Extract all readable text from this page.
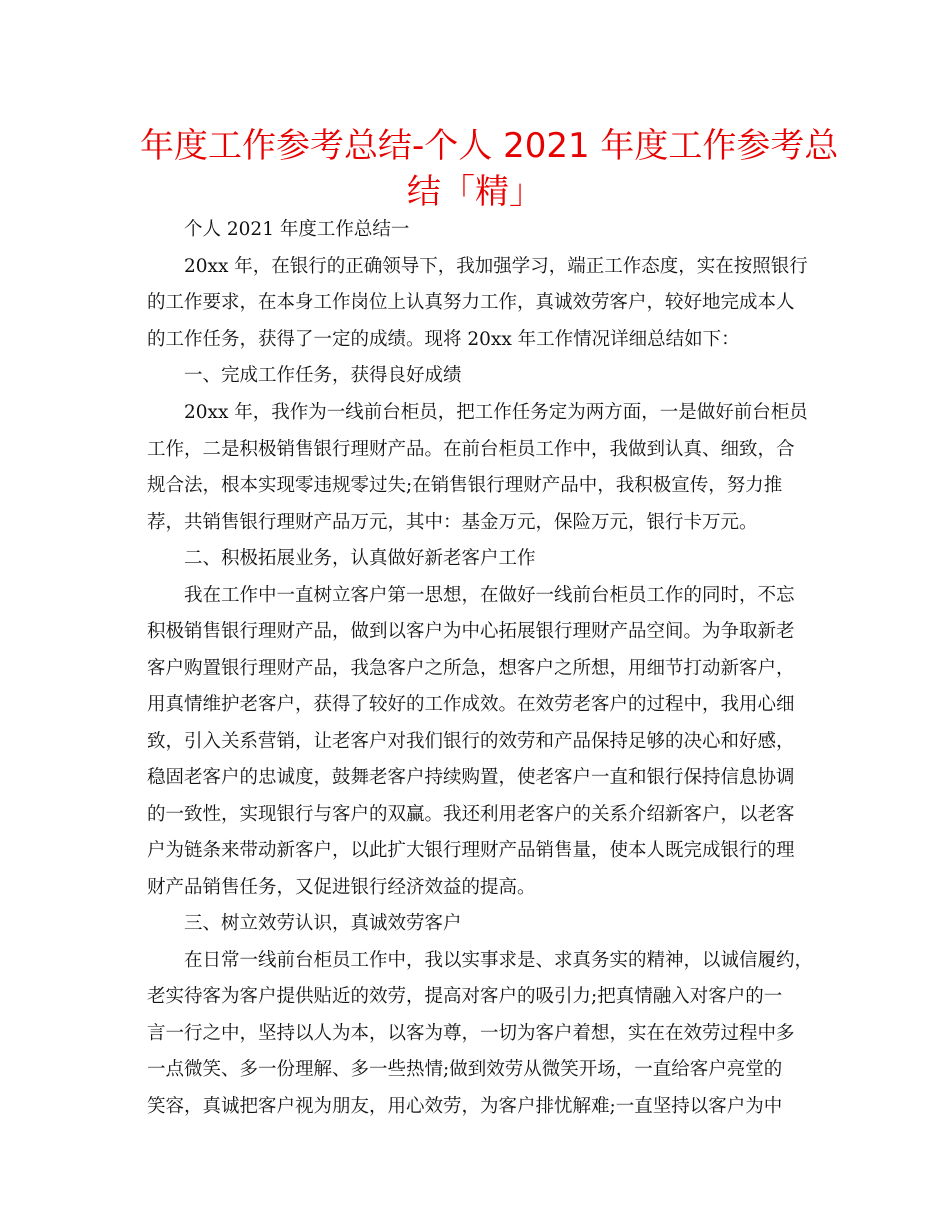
年度工作参考总结-个人 2021 年度工作参考总
结「精」
个人 2021 年度工作总结一
20xx 年，在银行的正确领导下，我加强学习，端正工作态度，实在按照银行
的工作要求，在本身工作岗位上认真努力工作，真诚效劳客户，较好地完成本人
的工作任务，获得了一定的成绩。现将 20xx 年工作情况详细总结如下：
一、完成工作任务，获得良好成绩
20xx 年，我作为一线前台柜员，把工作任务定为两方面，一是做好前台柜员
工作，二是积极销售银行理财产品。在前台柜员工作中，我做到认真、细致，合
规合法，根本实现零违规零过失;在销售银行理财产品中，我积极宣传，努力推
荐，共销售银行理财产品万元，其中：基金万元，保险万元，银行卡万元。
二、积极拓展业务，认真做好新老客户工作
我在工作中一直树立客户第一思想，在做好一线前台柜员工作的同时，不忘
积极销售银行理财产品，做到以客户为中心拓展银行理财产品空间。为争取新老
客户购置银行理财产品，我急客户之所急，想客户之所想，用细节打动新客户，
用真情维护老客户，获得了较好的工作成效。在效劳老客户的过程中，我用心细
致，引入关系营销，让老客户对我们银行的效劳和产品保持足够的决心和好感，
稳固老客户的忠诚度，鼓舞老客户持续购置，使老客户一直和银行保持信息协调
的一致性，实现银行与客户的双赢。我还利用老客户的关系介绍新客户，以老客
户为链条来带动新客户，以此扩大银行理财产品销售量，使本人既完成银行的理
财产品销售任务，又促进银行经济效益的提高。
三、树立效劳认识，真诚效劳客户
在日常一线前台柜员工作中，我以实事求是、求真务实的精神，以诚信履约，
老实待客为客户提供贴近的效劳，提高对客户的吸引力;把真情融入对客户的一
言一行之中，坚持以人为本，以客为尊，一切为客户着想，实在在效劳过程中多
一点微笑、多一份理解、多一些热情;做到效劳从微笑开场，一直给客户亮堂的
笑容，真诚把客户视为朋友，用心效劳，为客户排忧解难;一直坚持以客户为中
